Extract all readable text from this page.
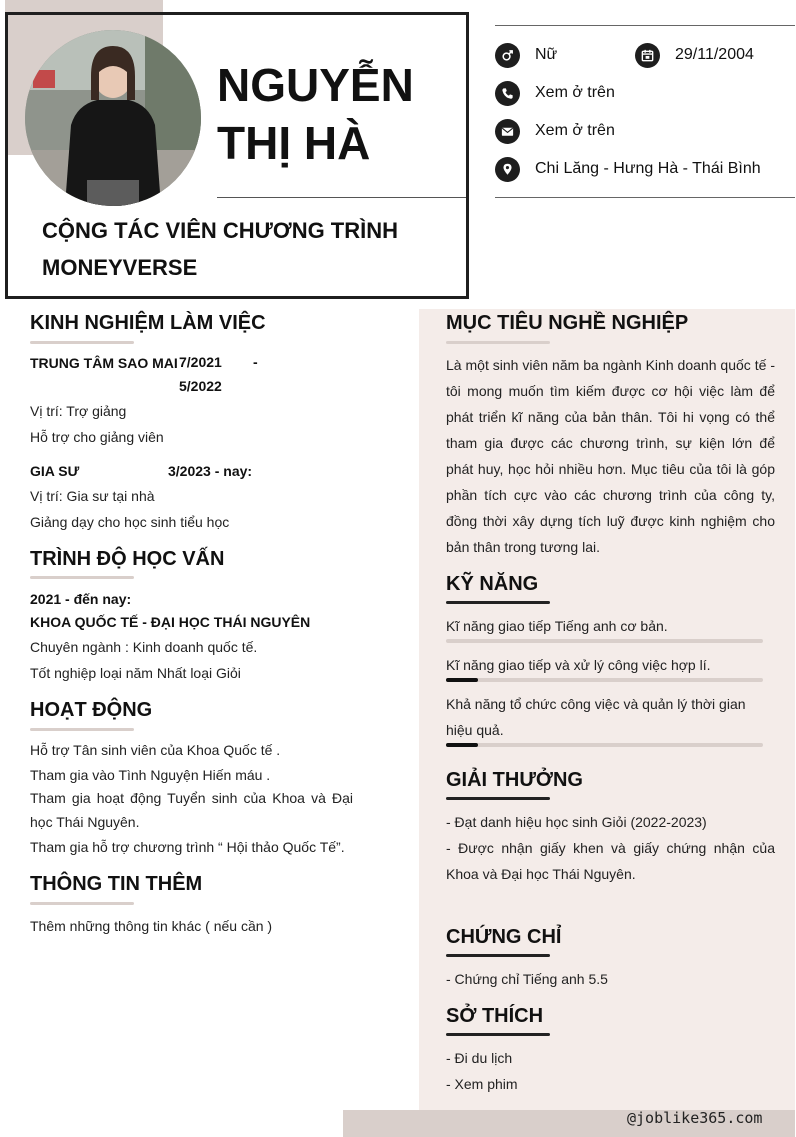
NGUYỄN THỊ HÀ
CỘNG TÁC VIÊN CHƯƠNG TRÌNH MONEYVERSE
Nữ	29/11/2004
Xem ở trên
Xem ở trên
Chi Lăng - Hưng Hà - Thái Bình
KINH NGHIỆM LÀM VIỆC
TRUNG TÂM SAO MAI 7/2021        -         5/2022
Vị trí: Trợ giảng
Hỗ trợ cho giảng viên
GIA SƯ	3/2023 - nay:
Vị trí: Gia sư tại nhà
Giảng dạy cho học sinh tiểu học
TRÌNH ĐỘ HỌC VẤN
2021 - đến nay:
KHOA QUỐC TẾ - ĐẠI HỌC THÁI NGUYÊN
Chuyên ngành : Kinh doanh quốc tế.
Tốt nghiệp loại năm Nhất loại Giỏi
HOẠT ĐỘNG
Hỗ trợ Tân sinh viên của Khoa Quốc tế .
Tham gia vào Tình Nguyện Hiến máu .
Tham gia hoạt động Tuyển sinh của Khoa và Đại học Thái Nguyên.
Tham gia hỗ trợ chương trình “ Hội thảo Quốc Tế”.
THÔNG TIN THÊM
Thêm những thông tin khác ( nếu cần )
MỤC TIÊU NGHỀ NGHIỆP
Là một sinh viên năm ba ngành Kinh doanh quốc tế - tôi mong muốn tìm kiếm được cơ hội việc làm để phát triển kĩ năng của bản thân. Tôi hi vọng có thể tham gia được các chương trình, sự kiện lớn để phát huy, học hỏi nhiều hơn. Mục tiêu của tôi là góp phần tích cực vào các chương trình của công ty, đồng thời xây dựng tích luỹ được kinh nghiệm cho bản thân trong tương lai.
KỸ NĂNG
Kĩ năng giao tiếp Tiếng anh cơ bản.
Kĩ năng giao tiếp và xử lý công việc hợp lí.
Khả năng tổ chức công việc và quản lý thời gian hiệu quả.
GIẢI THƯỞNG
- Đạt danh hiệu học sinh Giỏi (2022-2023)
- Được nhận giấy khen và giấy chứng nhận của Khoa và Đại học Thái Nguyên.
CHỨNG CHỈ
- Chứng chỉ Tiếng anh 5.5
SỞ THÍCH
- Đi du lịch
- Xem phim
@joblike365.com
